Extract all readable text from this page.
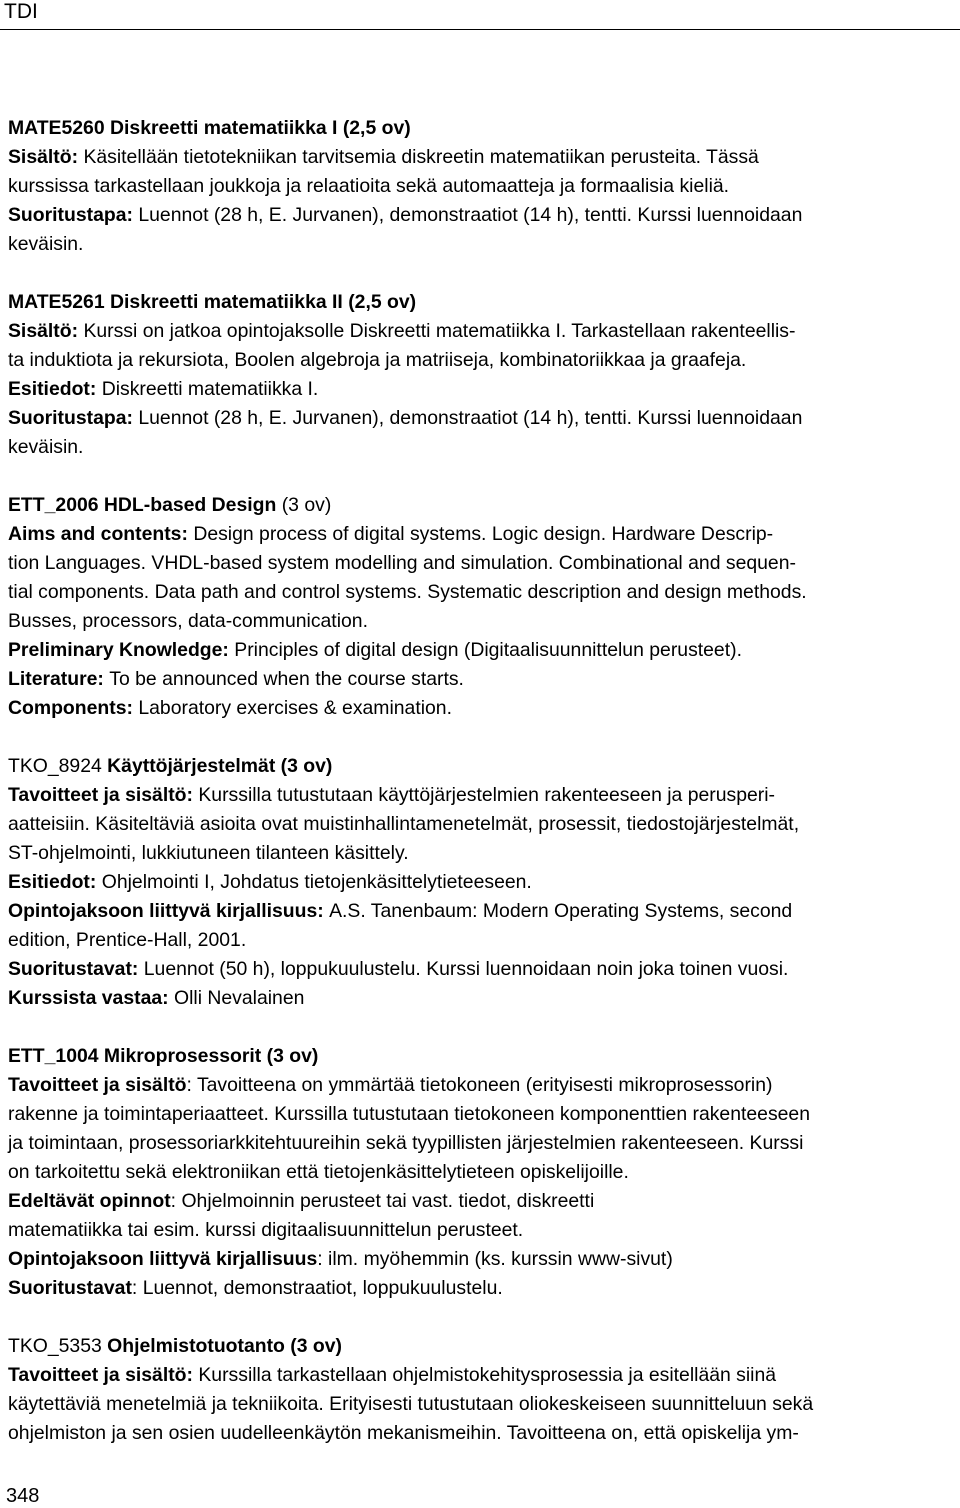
TDI
MATE5260 Diskreetti matematiikka I (2,5 ov)
Sisältö: Käsitellään tietotekniikan tarvitsemia diskreetin matematiikan perusteita. Tässä
kurssissa tarkastellaan joukkoja ja relaatioita sekä automaatteja ja formaalisia kieliä.
Suoritustapa: Luennot (28 h, E. Jurvanen), demonstraatiot (14 h), tentti. Kurssi luennoidaan
keväisin.
MATE5261 Diskreetti matematiikka II (2,5 ov)
Sisältö: Kurssi on jatkoa opintojaksolle Diskreetti matematiikka I. Tarkastellaan rakenteellis-
ta induktiota ja rekursiota, Boolen algebroja ja matriiseja, kombinatoriikkaa ja graafeja.
Esitiedot: Diskreetti matematiikka I.
Suoritustapa: Luennot (28 h, E. Jurvanen), demonstraatiot (14 h), tentti. Kurssi luennoidaan
keväisin.
ETT_2006 HDL-based Design (3 ov)
Aims and contents: Design process of digital systems. Logic design. Hardware Descrip-
tion Languages. VHDL-based system modelling and simulation. Combinational and sequen-
tial components. Data path and control systems. Systematic description and design methods.
Busses, processors, data-communication.
Preliminary Knowledge: Principles of digital design (Digitaalisuunnittelun perusteet).
Literature: To be announced when the course starts.
Components: Laboratory exercises & examination.
TKO_8924 Käyttöjärjestelmät (3 ov)
Tavoitteet ja sisältö: Kurssilla tutustutaan käyttöjärjestelmien rakenteeseen ja perusperi-
aatteisiin. Käsiteltäviä asioita ovat muistinhallintamenetelmät, prosessit, tiedostojärjestelmät,
ST-ohjelmointi, lukkiutuneen tilanteen käsittely.
Esitiedot: Ohjelmointi I, Johdatus tietojenkäsittelytieteeseen.
Opintojaksoon liittyvä kirjallisuus: A.S. Tanenbaum: Modern Operating Systems, second
edition, Prentice-Hall, 2001.
Suoritustavat: Luennot (50 h), loppukuulustelu. Kurssi luennoidaan noin joka toinen vuosi.
Kurssista vastaa: Olli Nevalainen
ETT_1004 Mikroprosessorit (3 ov)
Tavoitteet ja sisältö: Tavoitteena on ymmärtää tietokoneen (erityisesti mikroprosessorin)
rakenne ja toimintaperiaatteet. Kurssilla tutustutaan tietokoneen komponenttien rakenteeseen
ja toimintaan, prosessoriarkkitehtuureihin sekä tyypillisten järjestelmien rakenteeseen. Kurssi
on tarkoitettu sekä elektroniikan että tietojenkäsittelytieteen opiskelijoille.
Edeltävät opinnot: Ohjelmoinnin perusteet tai vast. tiedot, diskreetti
matematiikka tai esim. kurssi digitaalisuunnittelun perusteet.
Opintojaksoon liittyvä kirjallisuus: ilm. myöhemmin (ks. kurssin www-sivut)
Suoritustavat: Luennot, demonstraatiot, loppukuulustelu.
TKO_5353 Ohjelmistotuotanto (3 ov)
Tavoitteet ja sisältö: Kurssilla tarkastellaan ohjelmistokehitysprosessia ja esitellään siinä
käytettäviä menetelmiä ja tekniikoita. Erityisesti tutustutaan oliokeskeiseen suunnitteluun sekä
ohjelmiston ja sen osien uudelleenkäytön mekanismeihin. Tavoitteena on, että opiskelija ym-
348
